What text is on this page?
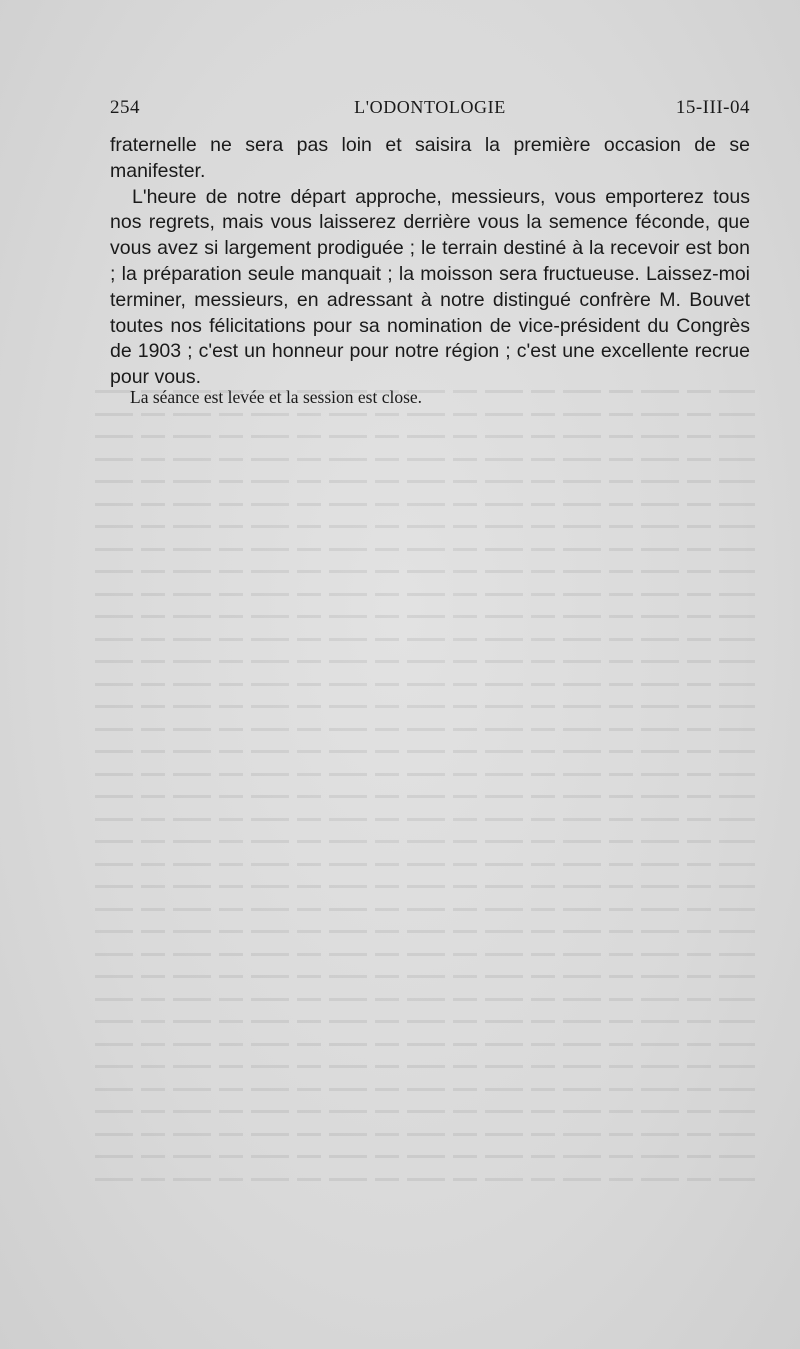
254	L'ODONTOLOGIE	15-III-04

fraternelle ne sera pas loin et saisira la première occasion de se manifester.

L'heure de notre départ approche, messieurs, vous emporterez tous nos regrets, mais vous laisserez derrière vous la semence féconde, que vous avez si largement prodiguée ; le terrain destiné à la recevoir est bon ; la préparation seule manquait ; la moisson sera fructueuse. Laissez-moi terminer, messieurs, en adressant à notre distingué confrère M. Bouvet toutes nos félicitations pour sa nomination de vice-président du Congrès de 1903 ; c'est un honneur pour notre région ; c'est une excellente recrue pour vous.

La séance est levée et la session est close.
